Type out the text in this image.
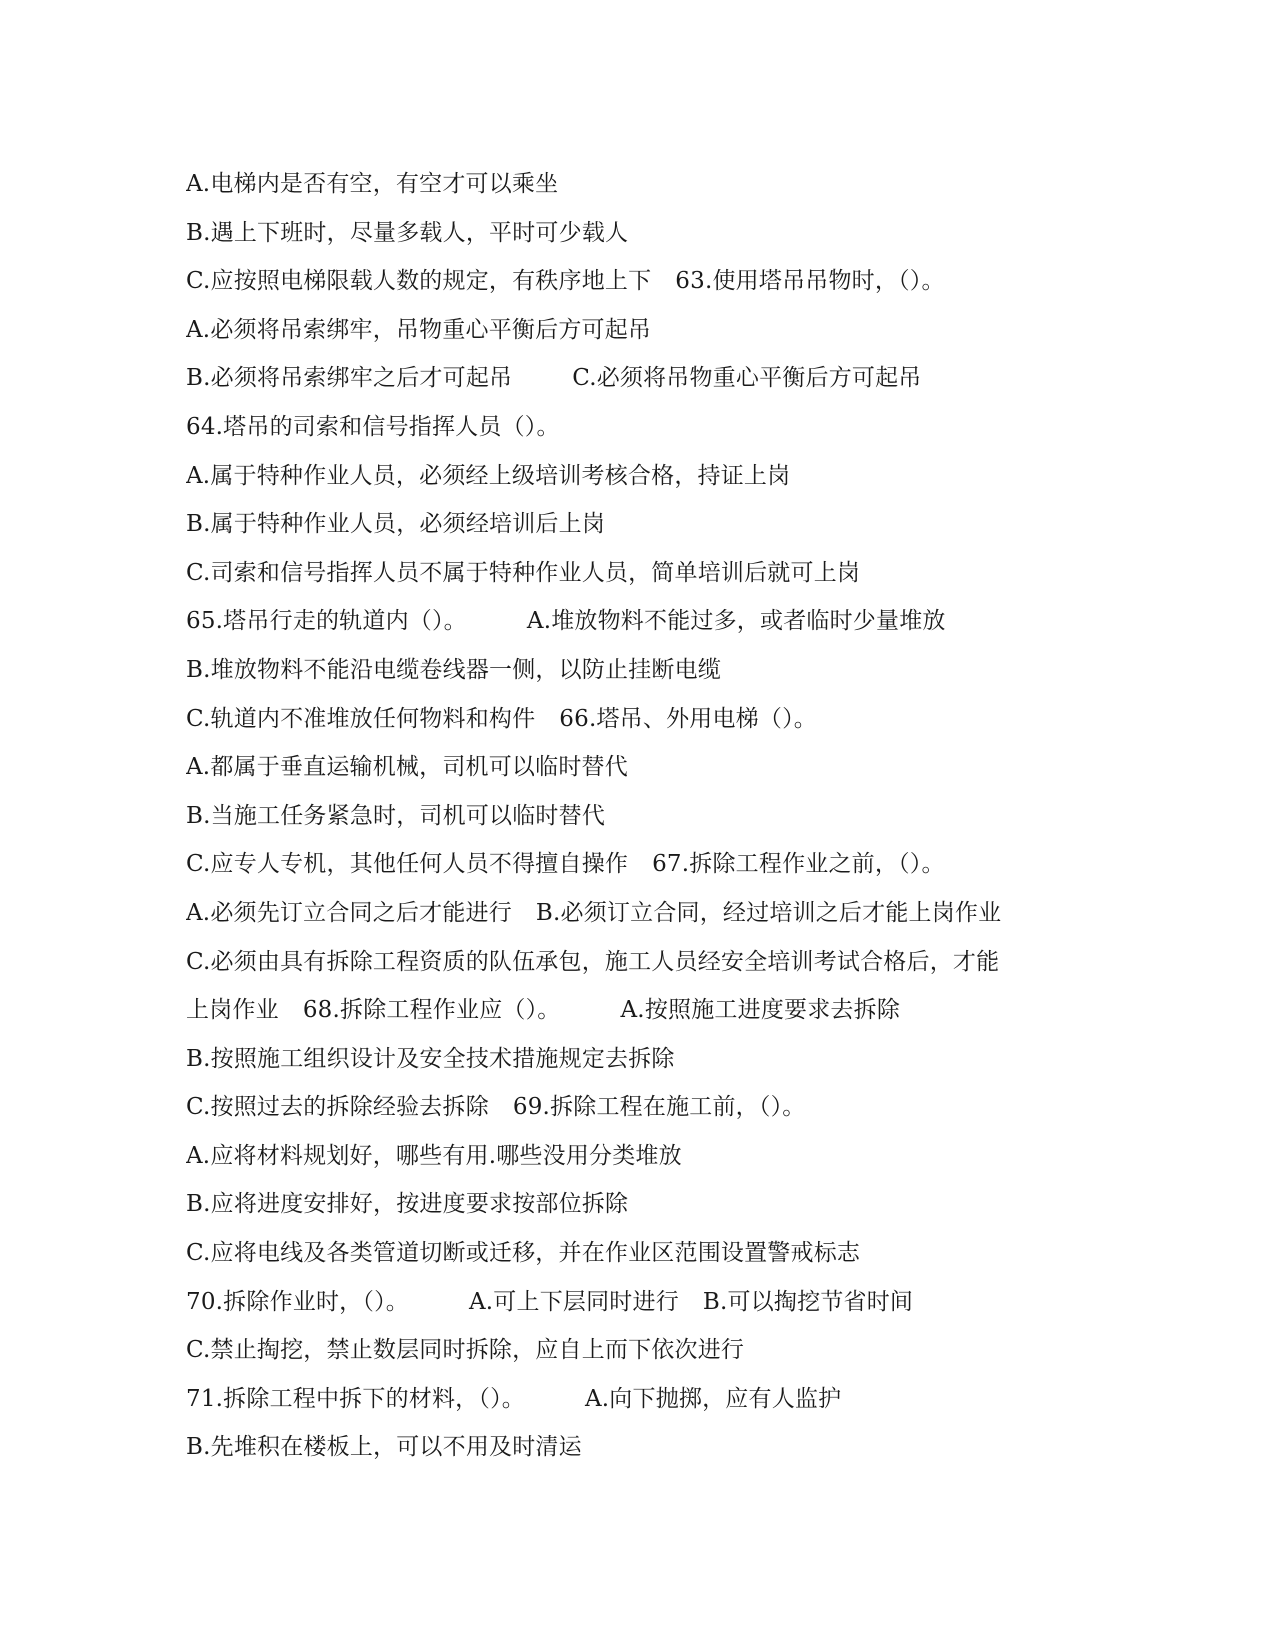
A.电梯内是否有空，有空才可以乘坐
B.遇上下班时，尽量多载人，平时可少载人
C.应按照电梯限载人数的规定，有秩序地上下 63.使用塔吊吊物时，（）。
A.必须将吊索绑牢，吊物重心平衡后方可起吊
B.必须将吊索绑牢之后才可起吊	C.必须将吊物重心平衡后方可起吊
64.塔吊的司索和信号指挥人员（）。
A.属于特种作业人员，必须经上级培训考核合格，持证上岗
B.属于特种作业人员，必须经培训后上岗
C.司索和信号指挥人员不属于特种作业人员，简单培训后就可上岗
65.塔吊行走的轨道内（）。	A.堆放物料不能过多，或者临时少量堆放
B.堆放物料不能沿电缆卷线器一侧，以防止挂断电缆
C.轨道内不准堆放任何物料和构件 66.塔吊、外用电梯（）。
A.都属于垂直运输机械，司机可以临时替代
B.当施工任务紧急时，司机可以临时替代
C.应专人专机，其他任何人员不得擅自操作 67.拆除工程作业之前，（）。
A.必须先订立合同之后才能进行 B.必须订立合同，经过培训之后才能上岗作业
C.必须由具有拆除工程资质的队伍承包，施工人员经安全培训考试合格后，才能
上岗作业 68.拆除工程作业应（）。	A.按照施工进度要求去拆除
B.按照施工组织设计及安全技术措施规定去拆除
C.按照过去的拆除经验去拆除 69.拆除工程在施工前，（）。
A.应将材料规划好，哪些有用.哪些没用分类堆放
B.应将进度安排好，按进度要求按部位拆除
C.应将电线及各类管道切断或迁移，并在作业区范围设置警戒标志
70.拆除作业时，（）。	A.可上下层同时进行 B.可以掏挖节省时间
C.禁止掏挖，禁止数层同时拆除，应自上而下依次进行
71.拆除工程中拆下的材料，（）。	A.向下抛掷，应有人监护
B.先堆积在楼板上，可以不用及时清运
